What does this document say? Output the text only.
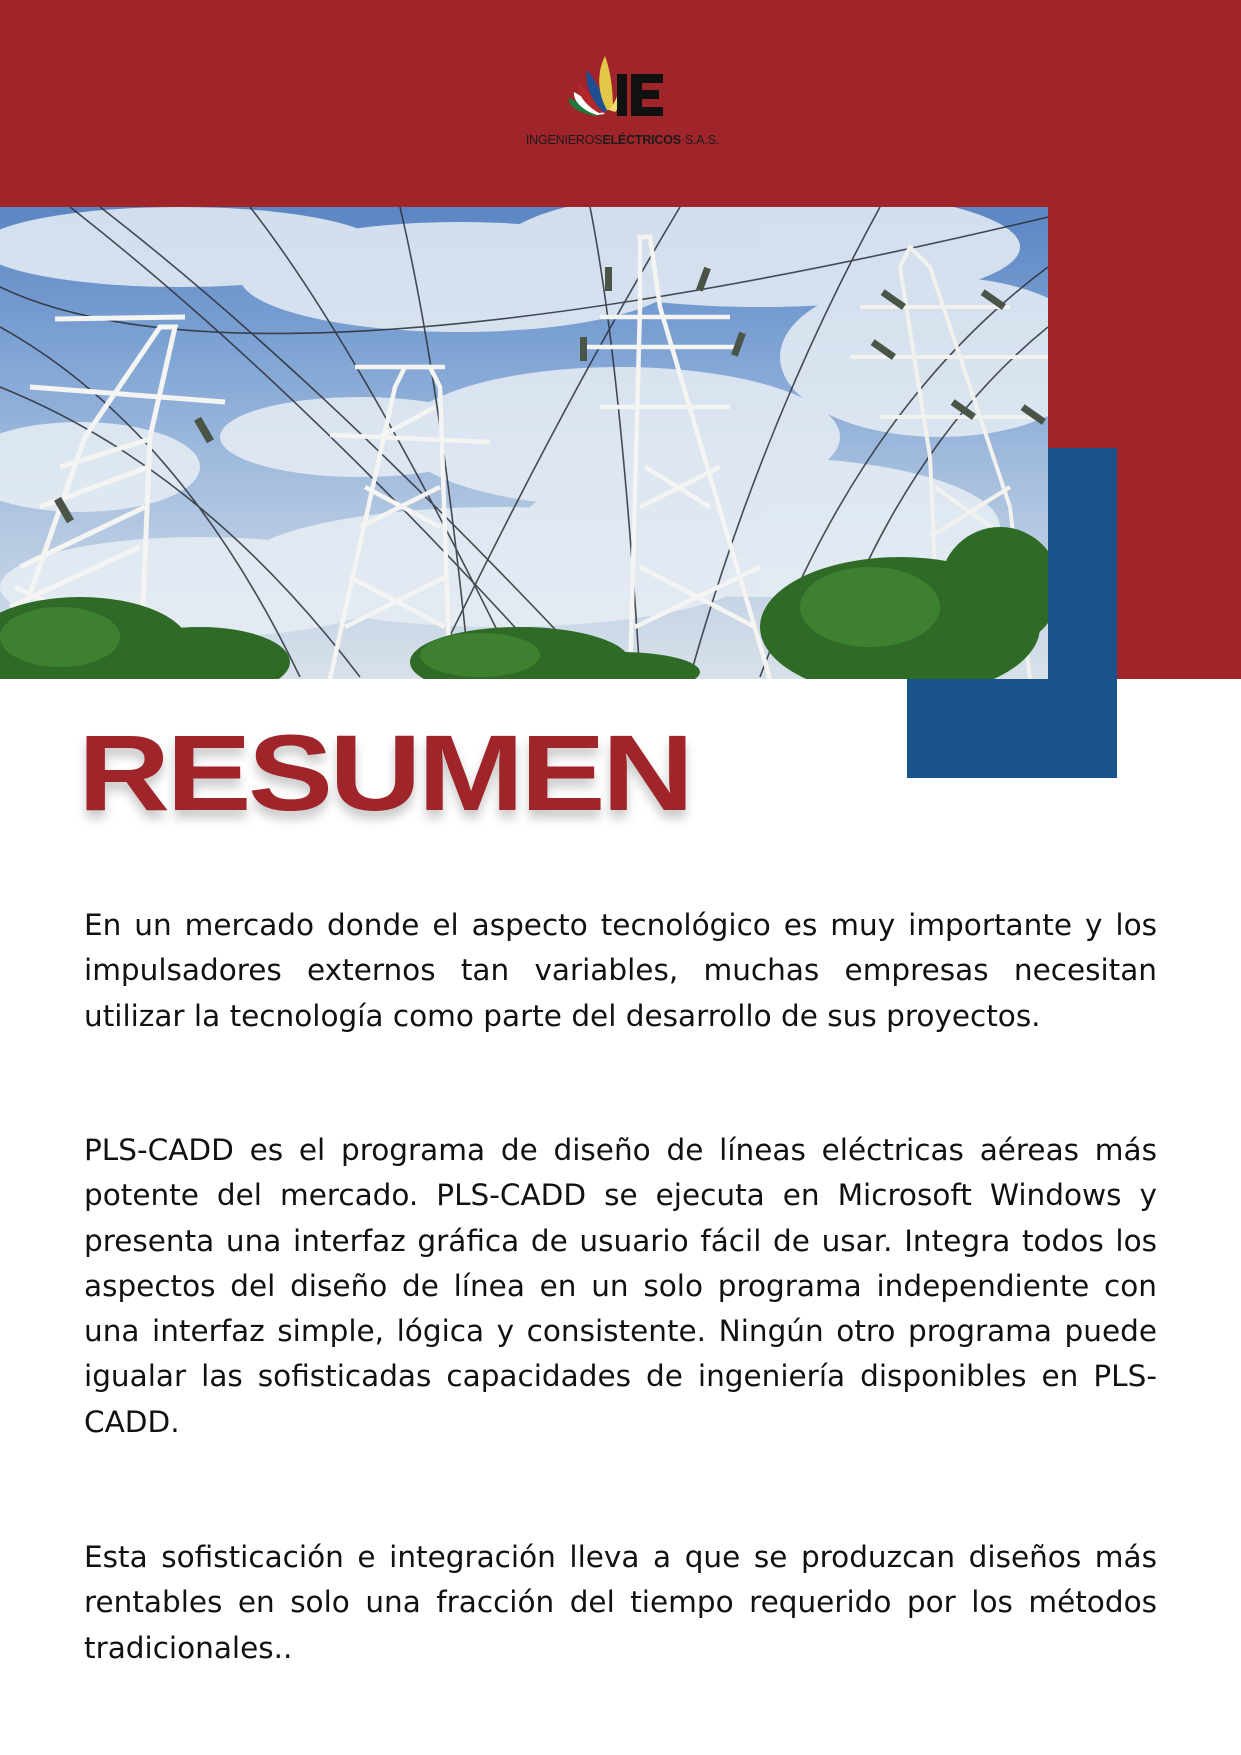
INGENIEROSELÉCTRICOS·S.A.S.
RESUMEN

En un mercado donde el aspecto tecnológico es muy importante y los impulsadores externos tan variables, muchas empresas necesitan utilizar la tecnología como parte del desarrollo de sus proyectos.

PLS-CADD es el programa de diseño de líneas eléctricas aéreas más potente del mercado. PLS-CADD se ejecuta en Microsoft Windows y presenta una interfaz gráfica de usuario fácil de usar. Integra todos los aspectos del diseño de línea en un solo programa independiente con una interfaz simple, lógica y consistente. Ningún otro programa puede igualar las sofisticadas capacidades de ingeniería disponibles en PLS-CADD.

Esta sofisticación e integración lleva a que se produzcan diseños más rentables en solo una fracción del tiempo requerido por los métodos tradicionales..
